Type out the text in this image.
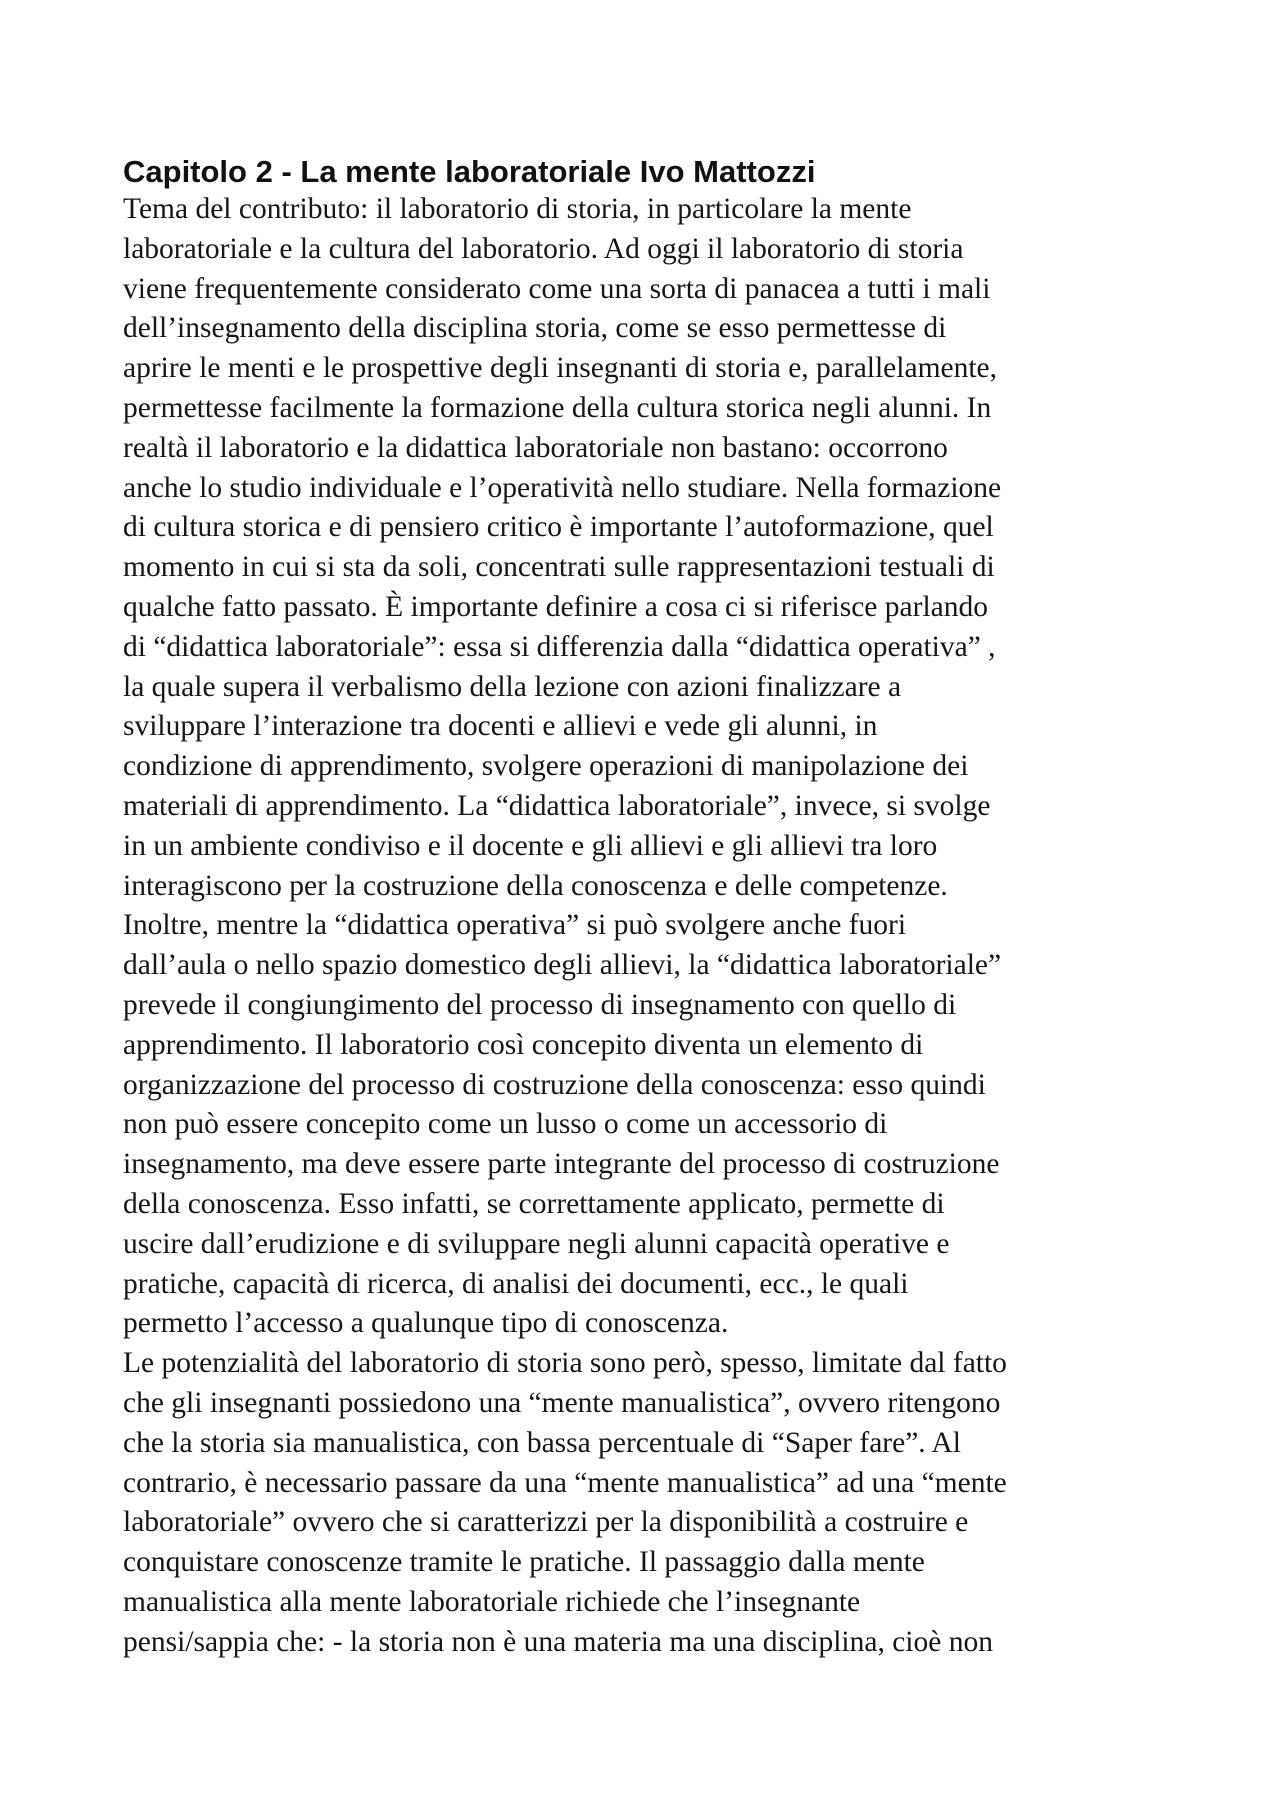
Capitolo 2 - La mente laboratoriale Ivo Mattozzi

Tema del contributo: il laboratorio di storia, in particolare la mente

laboratoriale e la cultura del laboratorio. Ad oggi il laboratorio di storia

viene frequentemente considerato come una sorta di panacea a tutti i mali

dell’insegnamento della disciplina storia, come se esso permettesse di

aprire le menti e le prospettive degli insegnanti di storia e, parallelamente,

permettesse facilmente la formazione della cultura storica negli alunni. In

realtà il laboratorio e la didattica laboratoriale non bastano: occorrono

anche lo studio individuale e l’operatività nello studiare. Nella formazione

di cultura storica e di pensiero critico è importante l’autoformazione, quel

momento in cui si sta da soli, concentrati sulle rappresentazioni testuali di

qualche fatto passato. È importante definire a cosa ci si riferisce parlando

di “didattica laboratoriale”: essa si differenzia dalla “didattica operativa” ,

la quale supera il verbalismo della lezione con azioni finalizzare a

sviluppare l’interazione tra docenti e allievi e vede gli alunni, in

condizione di apprendimento, svolgere operazioni di manipolazione dei

materiali di apprendimento. La “didattica laboratoriale”, invece, si svolge

in un ambiente condiviso e il docente e gli allievi e gli allievi tra loro

interagiscono per la costruzione della conoscenza e delle competenze.

Inoltre, mentre la “didattica operativa” si può svolgere anche fuori

dall’aula o nello spazio domestico degli allievi, la “didattica laboratoriale”

prevede il congiungimento del processo di insegnamento con quello di

apprendimento. Il laboratorio così concepito diventa un elemento di

organizzazione del processo di costruzione della conoscenza: esso quindi

non può essere concepito come un lusso o come un accessorio di

insegnamento, ma deve essere parte integrante del processo di costruzione

della conoscenza. Esso infatti, se correttamente applicato, permette di

uscire dall’erudizione e di sviluppare negli alunni capacità operative e

pratiche, capacità di ricerca, di analisi dei documenti, ecc., le quali

permetto l’accesso a qualunque tipo di conoscenza.

Le potenzialità del laboratorio di storia sono però, spesso, limitate dal fatto

che gli insegnanti possiedono una “mente manualistica”, ovvero ritengono

che la storia sia manualistica, con bassa percentuale di “Saper fare”. Al

contrario, è necessario passare da una “mente manualistica” ad una “mente

laboratoriale” ovvero che si caratterizzi per la disponibilità a costruire e

conquistare conoscenze tramite le pratiche. Il passaggio dalla mente

manualistica alla mente laboratoriale richiede che l’insegnante

pensi/sappia che: - la storia non è una materia ma una disciplina, cioè non
